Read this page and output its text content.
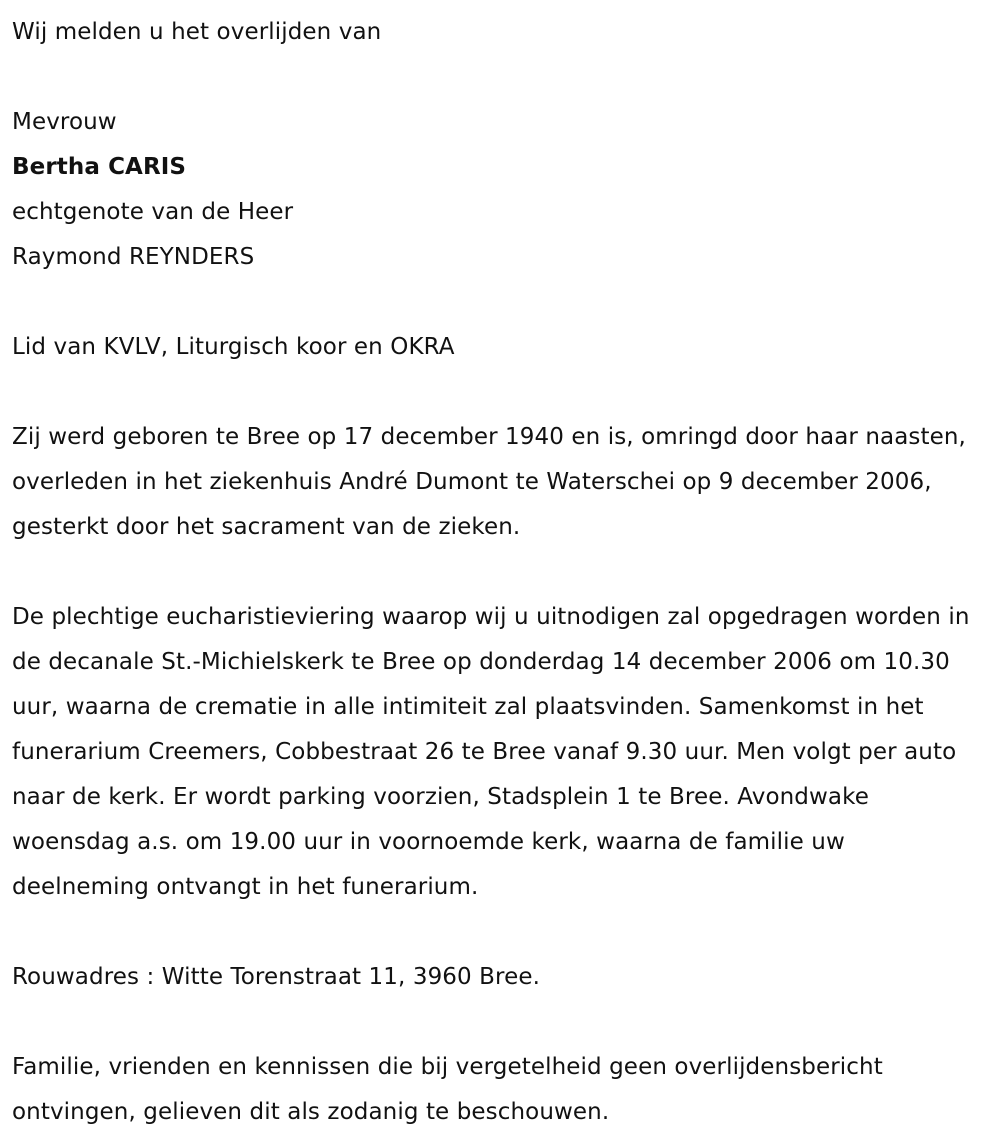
Wij melden u het overlijden van
Mevrouw
Bertha CARIS
echtgenote van de Heer
Raymond REYNDERS
Lid van KVLV, Liturgisch koor en OKRA

Zij werd geboren te Bree op 17 december 1940 en is, omringd door haar naasten, overleden in het ziekenhuis André Dumont te Waterschei op 9 december 2006, gesterkt door het sacrament van de zieken.

De plechtige eucharistieviering waarop wij u uitnodigen zal opgedragen worden in de decanale St.-Michielskerk te Bree op donderdag 14 december 2006 om 10.30 uur, waarna de crematie in alle intimiteit zal plaatsvinden. Samenkomst in het funerarium Creemers, Cobbestraat 26 te Bree vanaf 9.30 uur. Men volgt per auto naar de kerk. Er wordt parking voorzien, Stadsplein 1 te Bree. Avondwake woensdag a.s. om 19.00 uur in voornoemde kerk, waarna de familie uw deelneming ontvangt in het funerarium.

Rouwadres : Witte Torenstraat 11, 3960 Bree.

Familie, vrienden en kennissen die bij vergetelheid geen overlijdensbericht ontvingen, gelieven dit als zodanig te beschouwen.
